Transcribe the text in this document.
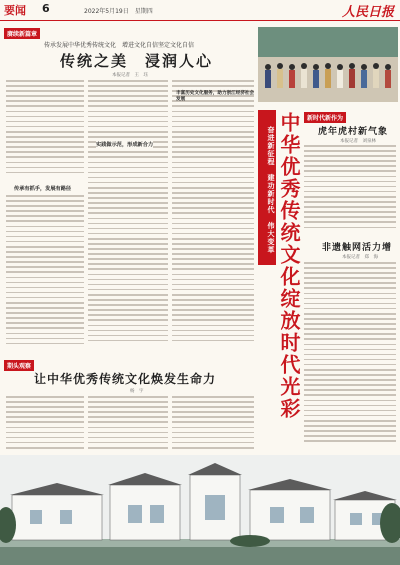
要闻 6	2022年5月19日　星期四	人民日报
赓续新篇章
传承发展中华优秀传统文化　增进文化自信坚定文化自信
传统之美　浸润人心
本报记者　王　珏
传承有抓手，发展有路径
实践做示范，形成新合力
丰富历史文化服务，助力浙江经济社会发展
奋进新征程　建功新时代　伟大变革 中华优秀传统文化绽放时代光彩	新时代新作为
虎年虎村新气象
本报记者　刘泉林
非遗触网活力增
本报记者　郑　海
期头观察
让中华优秀传统文化焕发生命力
杨　宇
